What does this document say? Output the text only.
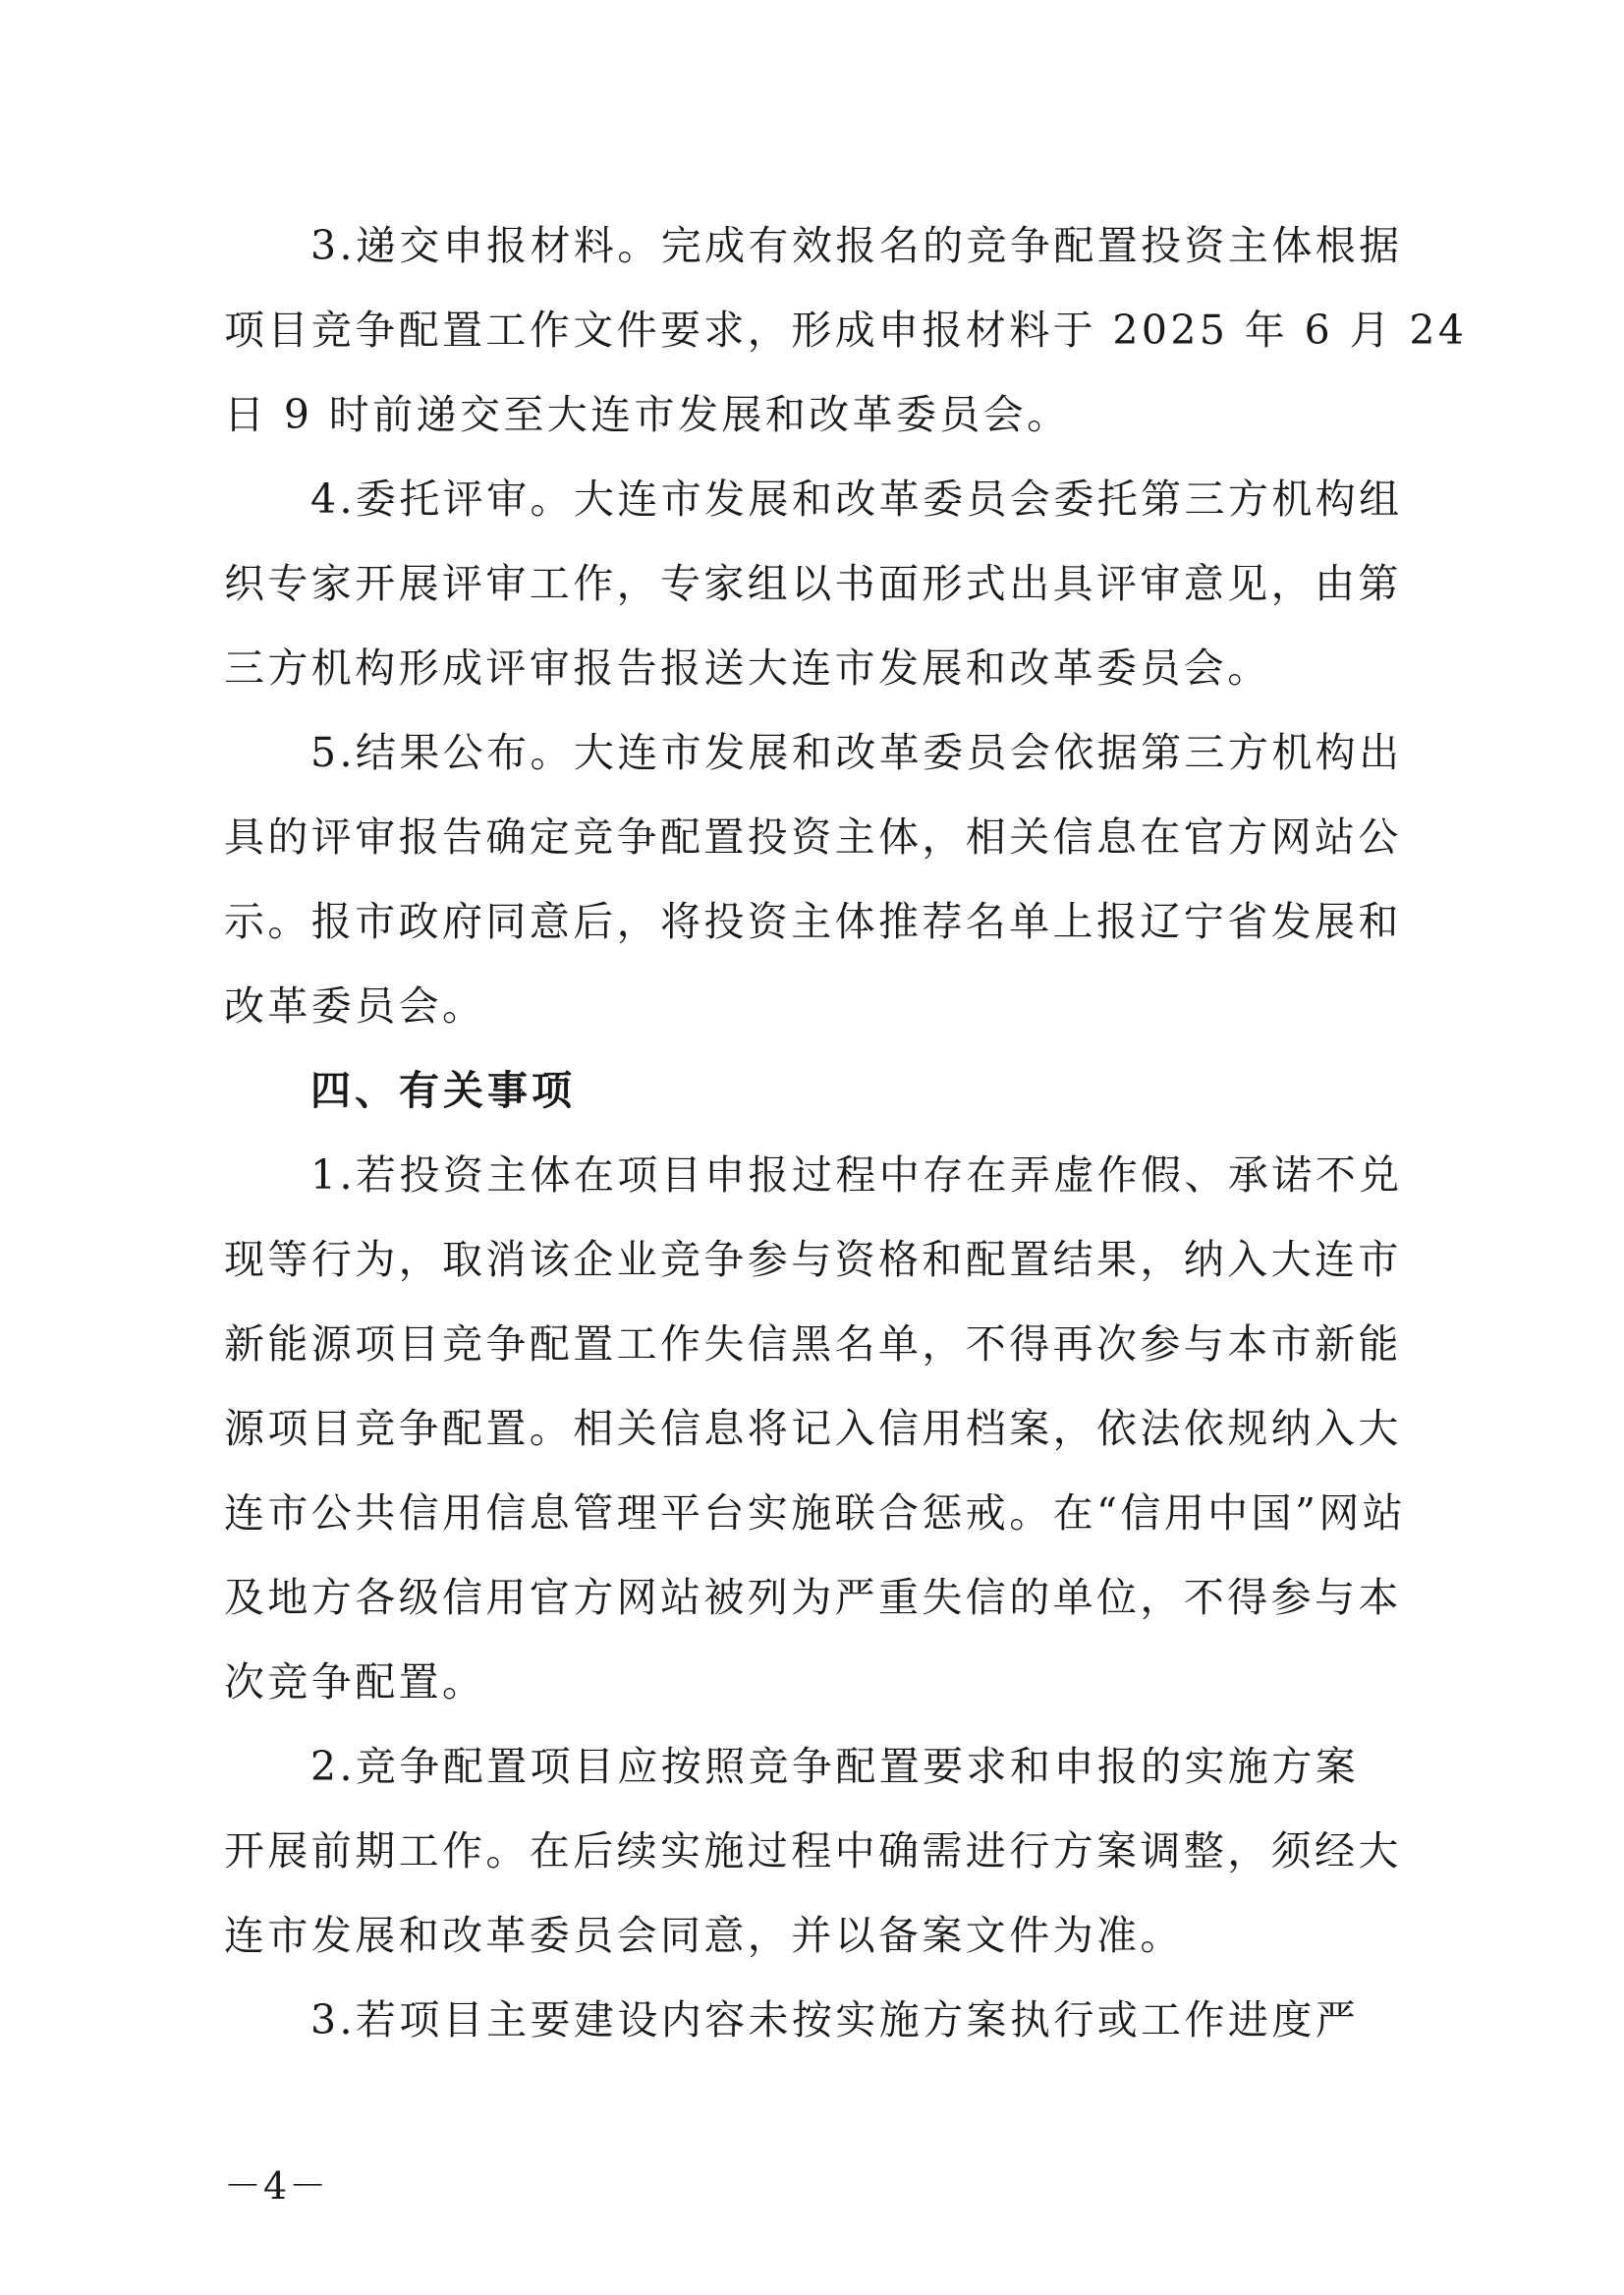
3.递交申报材料。完成有效报名的竞争配置投资主体根据
项目竞争配置工作文件要求，形成申报材料于 2025 年 6 月 24
日 9 时前递交至大连市发展和改革委员会。
4.委托评审。大连市发展和改革委员会委托第三方机构组
织专家开展评审工作，专家组以书面形式出具评审意见，由第
三方机构形成评审报告报送大连市发展和改革委员会。
5.结果公布。大连市发展和改革委员会依据第三方机构出
具的评审报告确定竞争配置投资主体，相关信息在官方网站公
示。报市政府同意后，将投资主体推荐名单上报辽宁省发展和
改革委员会。
四、有关事项
1.若投资主体在项目申报过程中存在弄虚作假、承诺不兑
现等行为，取消该企业竞争参与资格和配置结果，纳入大连市
新能源项目竞争配置工作失信黑名单，不得再次参与本市新能
源项目竞争配置。相关信息将记入信用档案，依法依规纳入大
连市公共信用信息管理平台实施联合惩戒。在“信用中国”网站
及地方各级信用官方网站被列为严重失信的单位，不得参与本
次竞争配置。
2.竞争配置项目应按照竞争配置要求和申报的实施方案
开展前期工作。在后续实施过程中确需进行方案调整，须经大
连市发展和改革委员会同意，并以备案文件为准。
3.若项目主要建设内容未按实施方案执行或工作进度严
－4－
